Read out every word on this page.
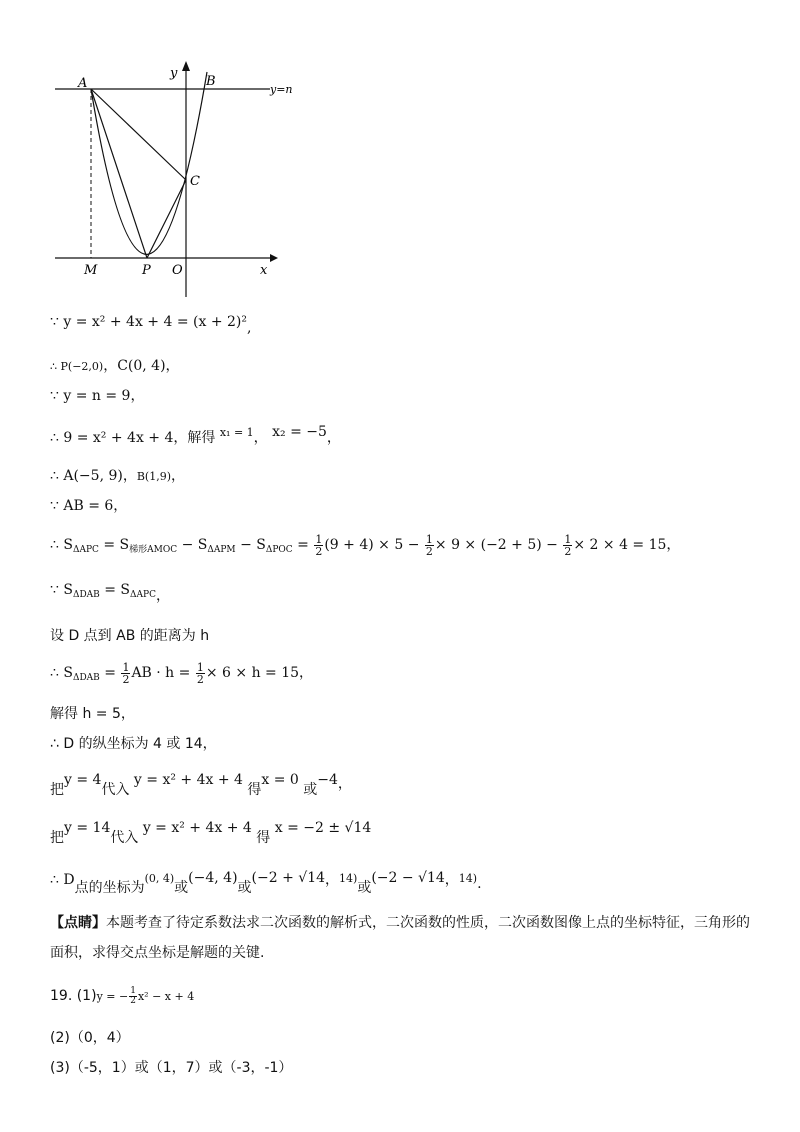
A	B
C
M	P O	x
y
y=n
∵ y = x² + 4x + 4 = (x + 2)²,
∴ P(−2,0)，C(0, 4)，
∵ y = n = 9，
∴ 9 = x² + 4x + 4，解得 $^{x_1 = 1}$， x₂ = −5，
∴ A(−5, 9)，B(1,9)，
∵ AB = 6，
∴ $S_{\Delta APC} = S_{梯形AMOC} - S_{\Delta APM} - S_{\Delta POC} = \frac{1}{2} (9 + 4) \times 5 - \frac{1}{2} \times 9 \times (-2 + 5) - \frac{1}{2} \times 2 \times 4 = 15$，
∵ $S_{\Delta DAB} = S_{\Delta APC}$，
设 D 点到 AB 的距离为 h
∴ $S_{\Delta DAB} = \frac{1}{2}$ AB · $h = \frac{1}{2} \times 6 \times h = 15$，
解得 h = 5，
∴ D 的纵坐标为 4 或 14，
把y = 4代入 y = x² + 4x + 4 得x = 0 或−4，
把y = 14代入 y = x² + 4x + 4 得 x = −2 ± √14
∴ D点的坐标为$^{(0, 4)}$或(−4, 4)或(−2 + √14，$^{14)}$或(−2 − √14，$^{14)}$.
【点睛】本题考查了待定系数法求二次函数的解析式，二次函数的性质，二次函数图像上点的坐标特征，三角形的面积，求得交点坐标是解题的关键.
19. (1)y = − $\frac{1}{2} x^2 - x + 4$
(2)（0，4）
(3)（-5，1）或（1，7）或（-3，-1）
